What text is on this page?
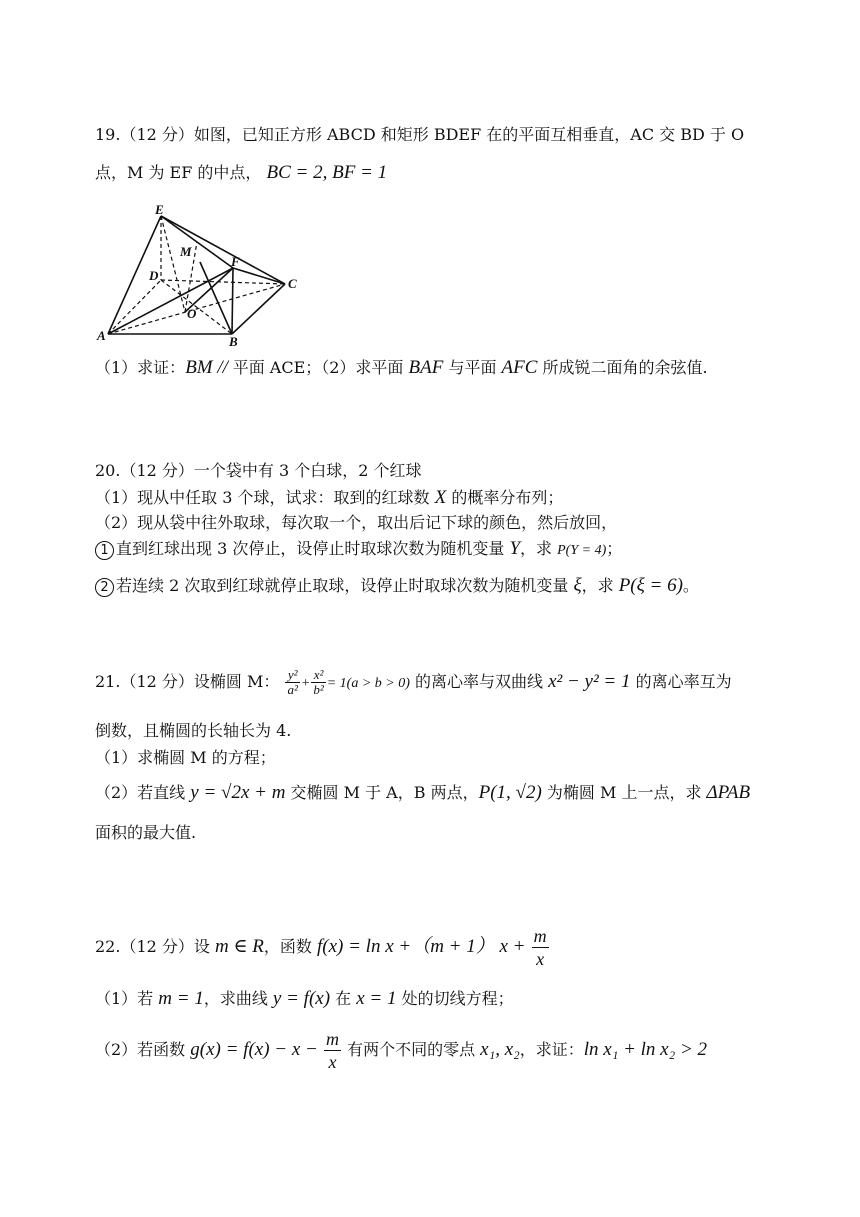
19.（12 分）如图，已知正方形 ABCD 和矩形 BDEF 在的平面互相垂直，AC 交 BD 于 O
点，M 为 EF 的中点， BC = 2, BF = 1
E
M
D
F
C
O
A	B
（1）求证：BM // 平面 ACE；（2）求平面 BAF 与平面 AFC 所成锐二面角的余弦值.
20.（12 分）一个袋中有 3 个白球，2 个红球
（1）现从中任取 3 个球，试求：取到的红球数 X 的概率分布列；
（2）现从袋中往外取球，每次取一个，取出后记下球的颜色，然后放回，
1 直到红球出现 3 次停止，设停止时取球次数为随机变量 Y，求 P(Y = 4)；
2 若连续 2 次取到红球就停止取球，设停止时取球次数为随机变量 ξ，求 P(ξ = 6)。
21.（12 分）设椭圆 M： $\frac{\text{y²}}{\text{a²}} + \frac{\text{x²}}{\text{b²}} = 1(a > b > 0)$ 的离心率与双曲线 x² − y² = 1 的离心率互为
倒数，且椭圆的长轴长为 4.
（1）求椭圆 M 的方程；
（2）若直线 y = √2x + m 交椭圆 M 于 A，B 两点，P(1, √2) 为椭圆 M 上一点，求 ΔPAB
面积的最大值.
22.（12 分）设 m ∈ R，函数 f(x) = ln x +（m + 1） $x + \frac{m}{x}$
（1）若 m = 1，求曲线 y = f(x) 在 x = 1 处的切线方程；
（2）若函数 $g(x) = f(x) - x - \frac{m}{x}$ 有两个不同的零点 x₁, x₂，求证：ln x₁ + ln x₂ > 2
